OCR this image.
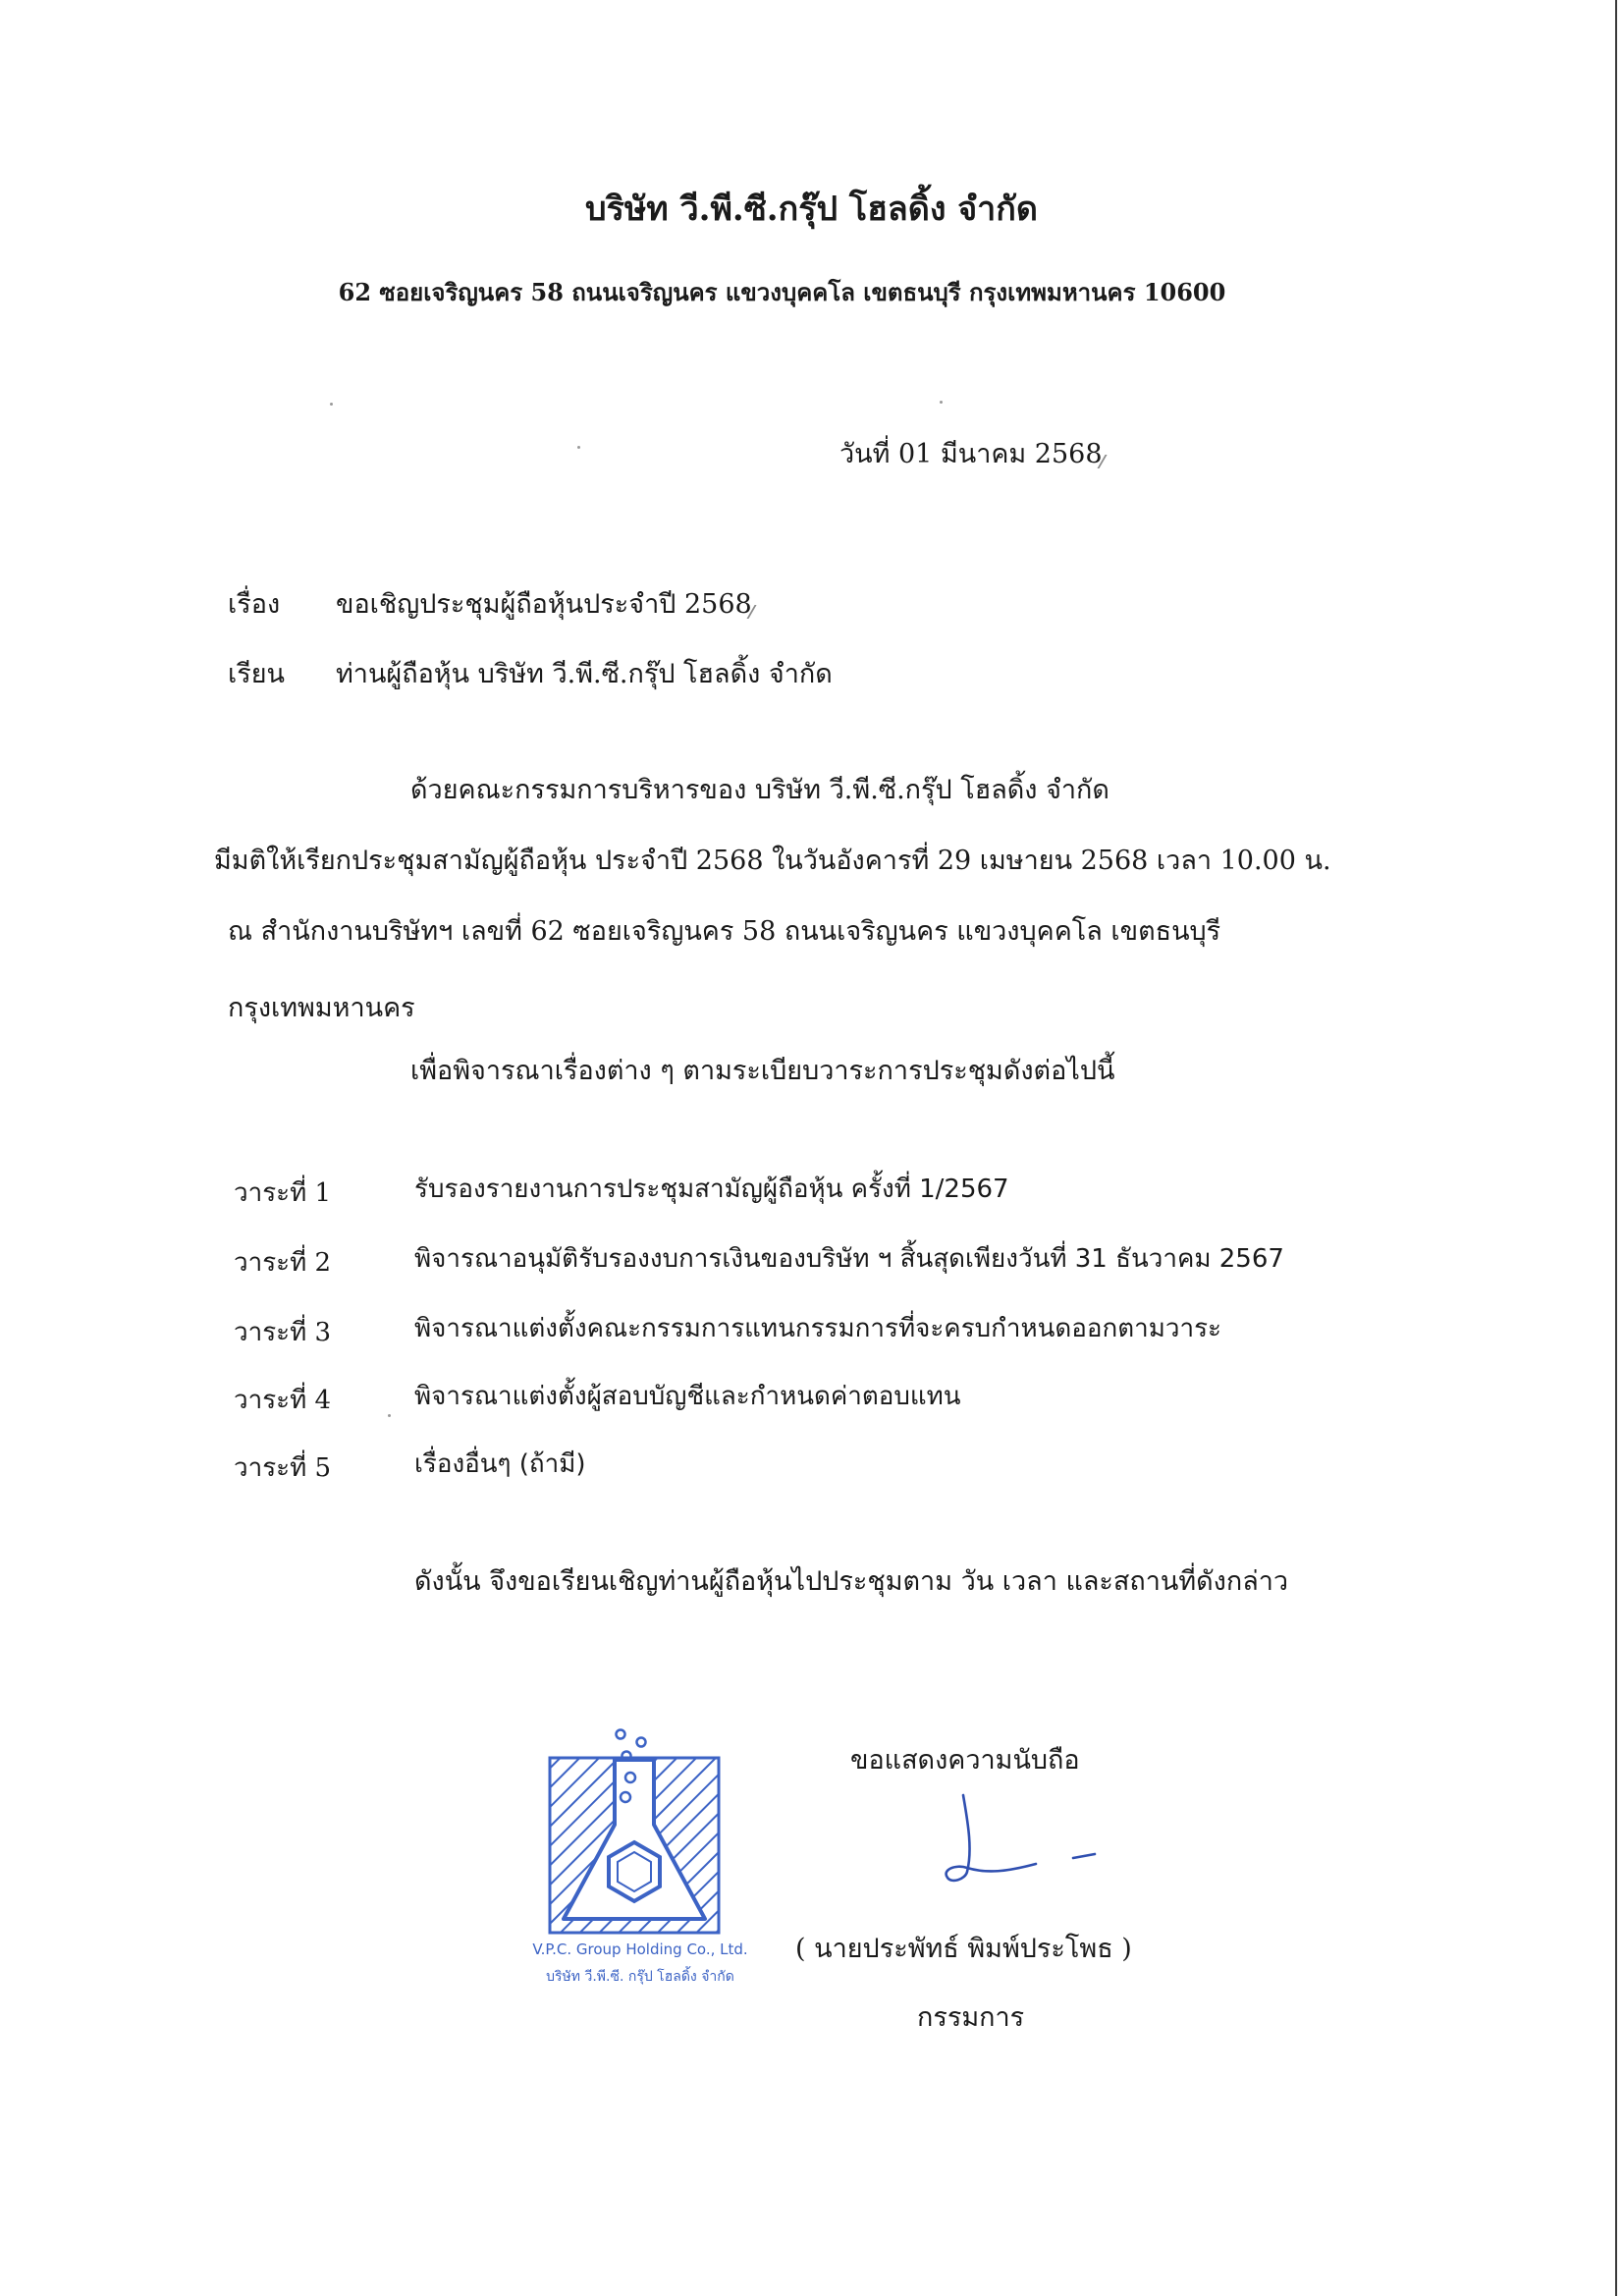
บริษัท วี.พี.ซี.กรุ๊ป โฮลดิ้ง จำกัด
62 ซอยเจริญนคร 58 ถนนเจริญนคร แขวงบุคคโล เขตธนบุรี กรุงเทพมหานคร 10600
วันที่ 01 มีนาคม 2568
เรื่อง ขอเชิญประชุมผู้ถือหุ้นประจำปี 2568
เรียน ท่านผู้ถือหุ้น บริษัท วี.พี.ซี.กรุ๊ป โฮลดิ้ง จำกัด
ด้วยคณะกรรมการบริหารของ บริษัท วี.พี.ซี.กรุ๊ป โฮลดิ้ง จำกัด
มีมติให้เรียกประชุมสามัญผู้ถือหุ้น ประจำปี 2568 ในวันอังคารที่ 29 เมษายน 2568 เวลา 10.00 น.
ณ สำนักงานบริษัทฯ เลขที่ 62 ซอยเจริญนคร 58 ถนนเจริญนคร แขวงบุคคโล เขตธนบุรี
กรุงเทพมหานคร
เพื่อพิจารณาเรื่องต่าง ๆ ตามระเบียบวาระการประชุมดังต่อไปนี้
วาระที่ 1	รับรองรายงานการประชุมสามัญผู้ถือหุ้น ครั้งที่ 1/2567
วาระที่ 2	พิจารณาอนุมัติรับรองงบการเงินของบริษัท ฯ สิ้นสุดเพียงวันที่ 31 ธันวาคม 2567
วาระที่ 3	พิจารณาแต่งตั้งคณะกรรมการแทนกรรมการที่จะครบกำหนดออกตามวาระ
วาระที่ 4	พิจารณาแต่งตั้งผู้สอบบัญชีและกำหนดค่าตอบแทน
วาระที่ 5	เรื่องอื่นๆ (ถ้ามี)
ดังนั้น จึงขอเรียนเชิญท่านผู้ถือหุ้นไปประชุมตาม วัน เวลา และสถานที่ดังกล่าว
ขอแสดงความนับถือ
( นายประพัทธ์ พิมพ์ประโพธ )
กรรมการ
V.P.C. Group Holding Co., Ltd.
บริษัท วี.พี.ซี. กรุ๊ป โฮลดิ้ง จำกัด
